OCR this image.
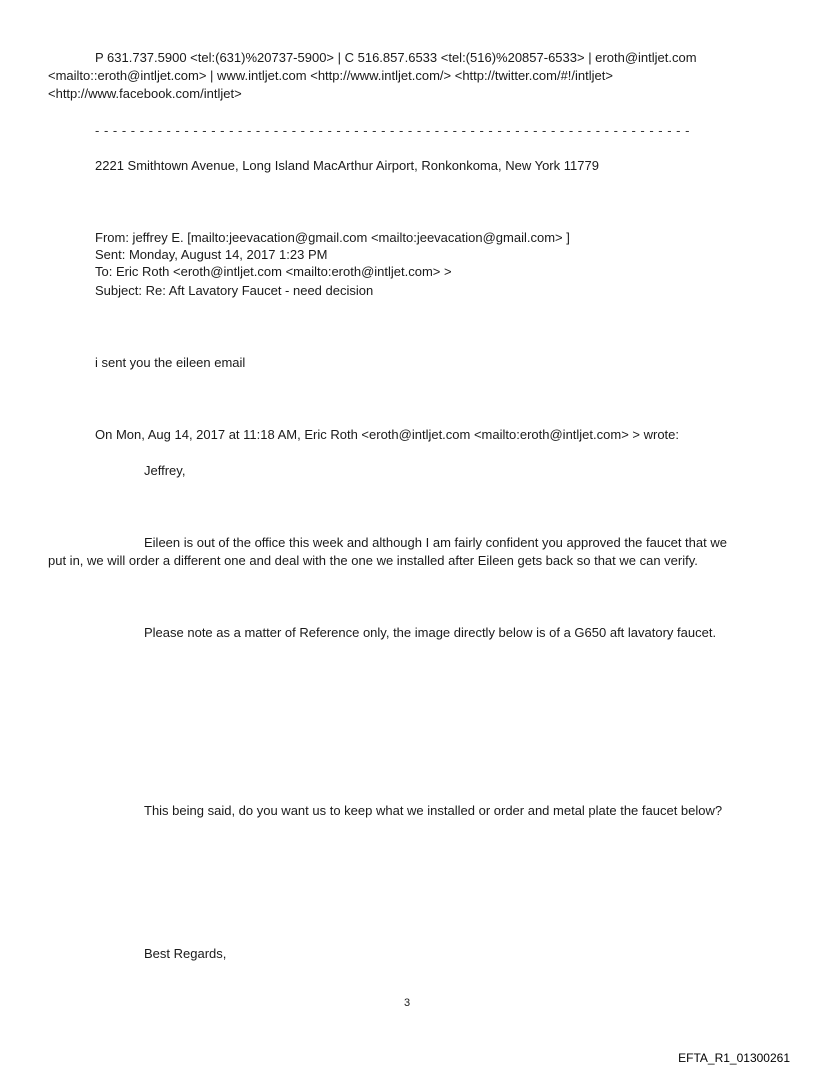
P 631.737.5900 <tel:(631)%20737-5900> | C 516.857.6533 <tel:(516)%20857-6533> | eroth@intljet.com
<mailto::eroth@intljet.com> | www.intljet.com <http://www.intljet.com/> <http://twitter.com/#!/intljet>
<http://www.facebook.com/intljet>
- - - - - - - - - - - - - - - - - - - - - - - - - - - - - - - - - - - - - - - - - - - - - - - - - - - - - - - - - - - - - - - - - - -
2221 Smithtown Avenue, Long Island MacArthur Airport, Ronkonkoma, New York 11779
From: jeffrey E. [mailto:jeevacation@gmail.com <mailto:jeevacation@gmail.com> ]
Sent: Monday, August 14, 2017 1:23 PM
To: Eric Roth <eroth@intljet.com <mailto:eroth@intljet.com> >
Subject: Re: Aft Lavatory Faucet - need decision
i sent you the eileen email
On Mon, Aug 14, 2017 at 11:18 AM, Eric Roth <eroth@intljet.com <mailto:eroth@intljet.com> > wrote:
Jeffrey,
Eileen is out of the office this week and although I am fairly confident you approved the faucet that we
put in, we will order a different one and deal with the one we installed after Eileen gets back so that we can verify.
Please note as a matter of Reference only, the image directly below is of a G650 aft lavatory faucet.
This being said, do you want us to keep what we installed or order and metal plate the faucet below?
Best Regards,
3
EFTA_R1_01300261
